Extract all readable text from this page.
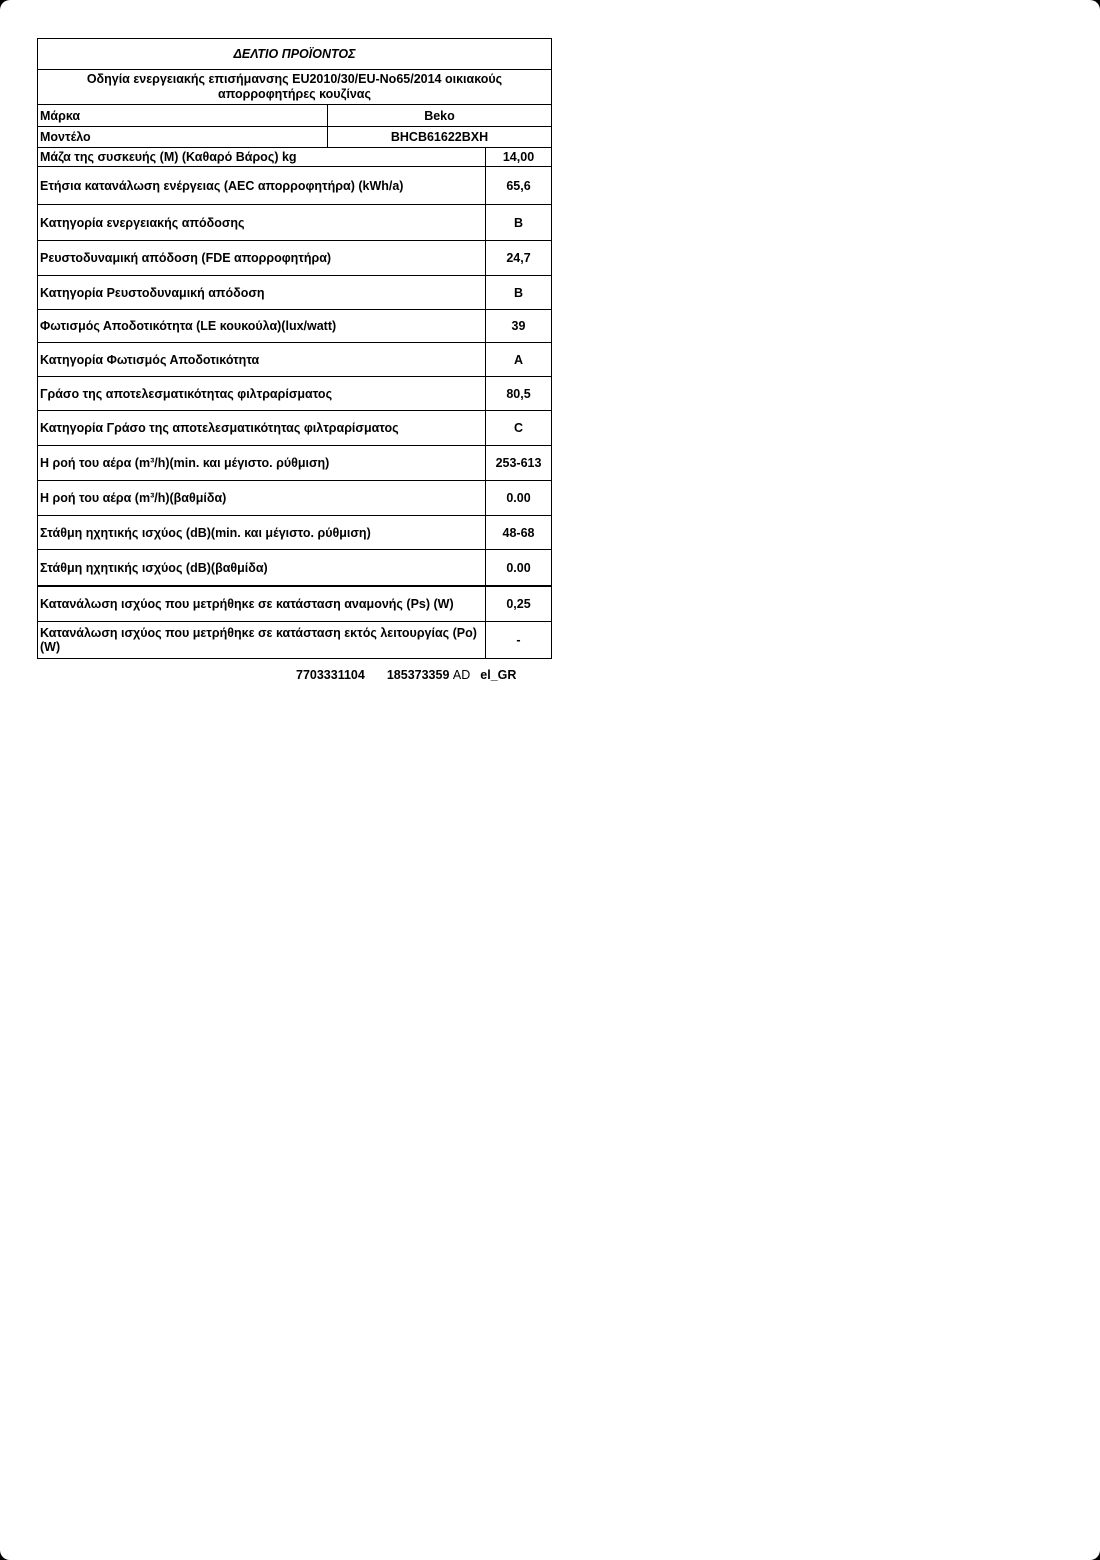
ΔΕΛΤΙΟ ΠΡΟΪΟΝΤΟΣ
Οδηγία ενεργειακής επισήμανσης EU2010/30/EU-No65/2014 οικιακούς απορροφητήρες κουζίνας
Μάρκα	Beko
Μοντέλο	BHCB61622BXH
Μάζα της συσκευής (M) (Καθαρό Βάρος) kg	14,00
Ετήσια κατανάλωση ενέργειας (AEC απορροφητήρα) (kWh/a)	65,6
Κατηγορία ενεργειακής απόδοσης	B
Ρευστοδυναμική απόδοση (FDE απορροφητήρα)	24,7
Κατηγορία Ρευστοδυναμική απόδοση	B
Φωτισμός Αποδοτικότητα (LE κουκούλα)(lux/watt)	39
Κατηγορία Φωτισμός Αποδοτικότητα	A
Γράσο της αποτελεσματικότητας φιλτραρίσματος	80,5
Κατηγορία Γράσο της αποτελεσματικότητας φιλτραρίσματος	C
Η ροή του αέρα (m³/h)(min. και μέγιστο. ρύθμιση)	253-613
Η ροή του αέρα (m³/h)(βαθμίδα)	0.00
Στάθμη ηχητικής ισχύος (dB)(min. και μέγιστο. ρύθμιση)	48-68
Στάθμη ηχητικής ισχύος (dB)(βαθμίδα)	0.00
Κατανάλωση ισχύος που μετρήθηκε σε κατάσταση αναμονής (Ps) (W)	0,25
Κατανάλωση ισχύος που μετρήθηκε σε κατάσταση εκτός λειτουργίας (Po)(W)	-
7703331104 185373359 AD el_GR
